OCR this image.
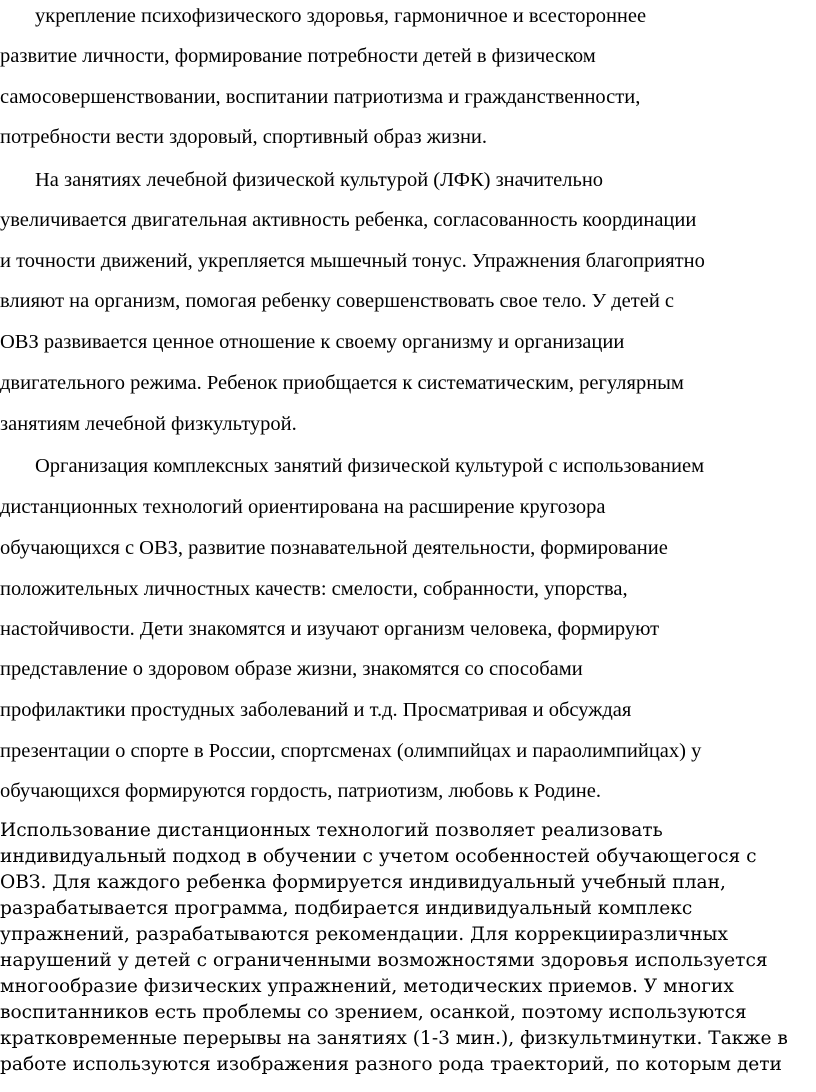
укрепление психофизического здоровья, гармоничное и всестороннее
развитие личности, формирование потребности детей в физическом
самосовершенствовании, воспитании патриотизма и гражданственности,
потребности вести здоровый, спортивный образ жизни.
На занятиях лечебной физической культурой (ЛФК) значительно
увеличивается двигательная активность ребенка, согласованность координации
и точности движений, укрепляется мышечный тонус. Упражнения благоприятно
влияют на организм, помогая ребенку совершенствовать свое тело. У детей с
ОВЗ развивается ценное отношение к своему организму и организации
двигательного режима. Ребенок приобщается к систематическим, регулярным
занятиям лечебной физкультурой.
Организация комплексных занятий физической культурой с использованием
дистанционных технологий ориентирована на расширение кругозора
обучающихся с ОВЗ, развитие познавательной деятельности, формирование
положительных личностных качеств: смелости, собранности, упорства,
настойчивости. Дети знакомятся и изучают организм человека, формируют
представление о здоровом образе жизни, знакомятся со способами
профилактики простудных заболеваний и т.д. Просматривая и обсуждая
презентации о спорте в России, спортсменах (олимпийцах и параолимпийцах) у
обучающихся формируются гордость, патриотизм, любовь к Родине.
Использование дистанционных технологий позволяет реализовать
индивидуальный подход в обучении с учетом особенностей обучающегося с
ОВЗ. Для каждого ребенка формируется индивидуальный учебный план,
разрабатывается программа, подбирается индивидуальный комплекс
упражнений, разрабатываются рекомендации. Для коррекцииразличных
нарушений у детей с ограниченными возможностями здоровья используется
многообразие физических упражнений, методических приемов. У многих
воспитанников есть проблемы со зрением, осанкой, поэтому используются
кратковременные перерывы на занятиях (1-3 мин.), физкультминутки. Также в
работе используются изображения разного рода траекторий, по которым дети
